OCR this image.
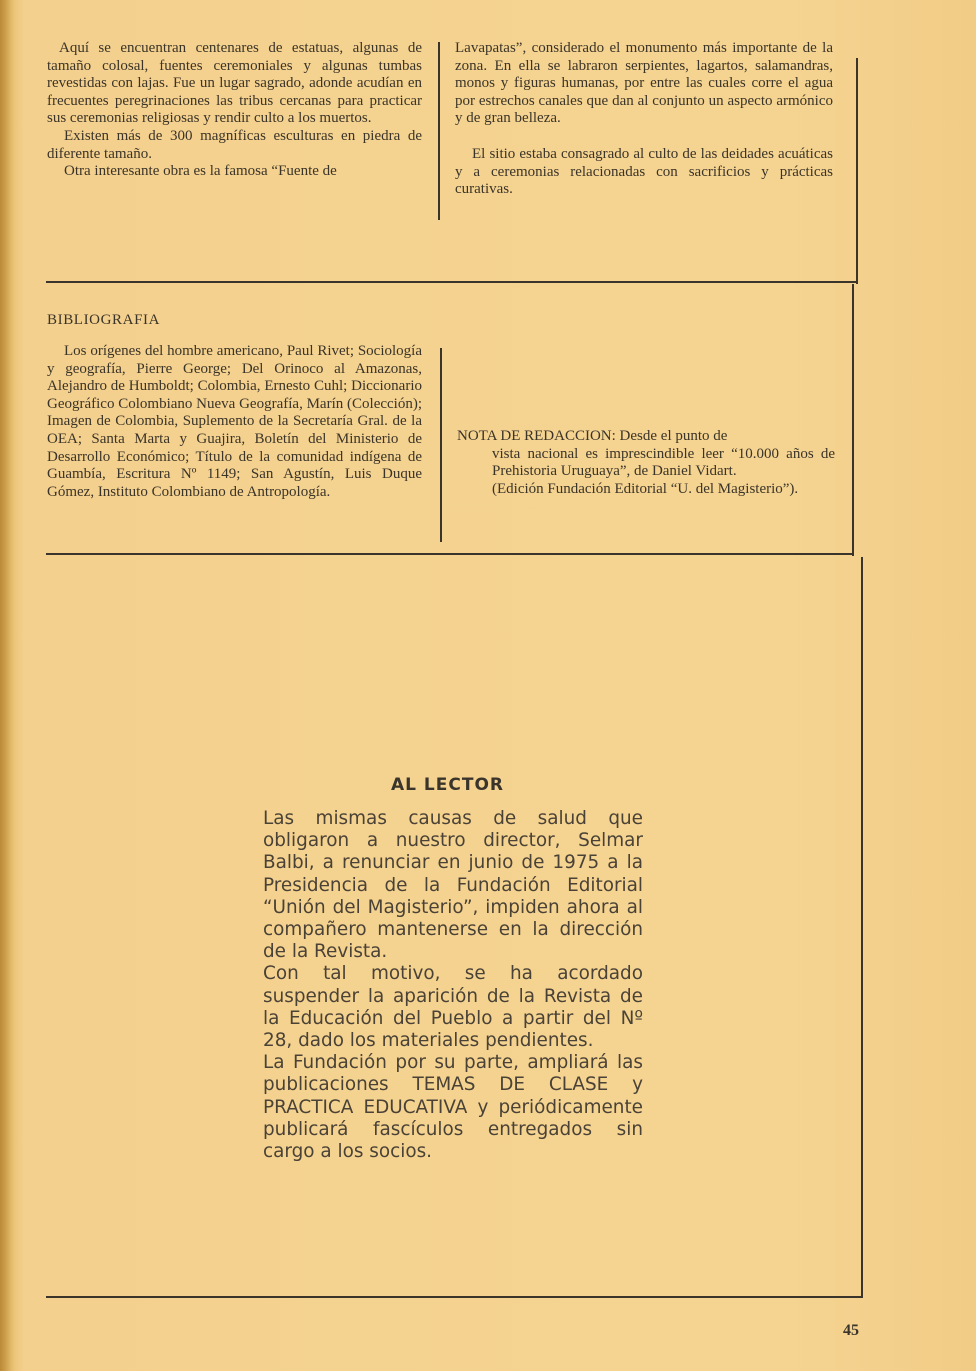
Aquí se encuentran centenares de estatuas, algunas de tamaño colosal, fuentes ceremoniales y algunas tumbas revestidas con lajas. Fue un lugar sagrado, adonde acudían en frecuentes peregrinaciones las tribus cercanas para practicar sus ceremonias religiosas y rendir culto a los muertos.

Existen más de 300 magníficas esculturas en piedra de diferente tamaño.

Otra interesante obra es la famosa “Fuente de

Lavapatas”, considerado el monumento más importante de la zona. En ella se labraron serpientes, lagartos, salamandras, monos y figuras humanas, por entre las cuales corre el agua por estrechos canales que dan al conjunto un aspecto armónico y de gran belleza.

El sitio estaba consagrado al culto de las deidades acuáticas y a ceremonias relacionadas con sacrificios y prácticas curativas.

BIBLIOGRAFIA

Los orígenes del hombre americano, Paul Rivet; Sociología y geografía, Pierre George; Del Orinoco al Amazonas, Alejandro de Humboldt; Colombia, Ernesto Cuhl; Diccionario Geográfico Colombiano Nueva Geografía, Marín (Colección); Imagen de Colombia, Suplemento de la Secretaría Gral. de la OEA; Santa Marta y Guajira, Boletín del Ministerio de Desarrollo Económico; Título de la comunidad indígena de Guambía, Escritura Nº 1149; San Agustín, Luis Duque Gómez, Instituto Colombiano de Antropología.

NOTA DE REDACCION: Desde el punto de

vista nacional es imprescindible leer “10.000 años de Prehistoria Uruguaya”, de Daniel Vidart.

(Edición Fundación Editorial “U. del Magisterio”).

AL LECTOR

Las mismas causas de salud que obligaron a nuestro director, Selmar Balbi, a renunciar en junio de 1975 a la Presidencia de la Fundación Editorial “Unión del Magisterio”, impiden ahora al compañero mantenerse en la dirección de la Revista.

Con tal motivo, se ha acordado suspender la aparición de la Revista de la Educación del Pueblo a partir del Nº 28, dado los materiales pendientes.

La Fundación por su parte, ampliará las publicaciones TEMAS DE CLASE y PRACTICA EDUCATIVA y periódicamente publicará fascículos entregados sin cargo a los socios.

45
